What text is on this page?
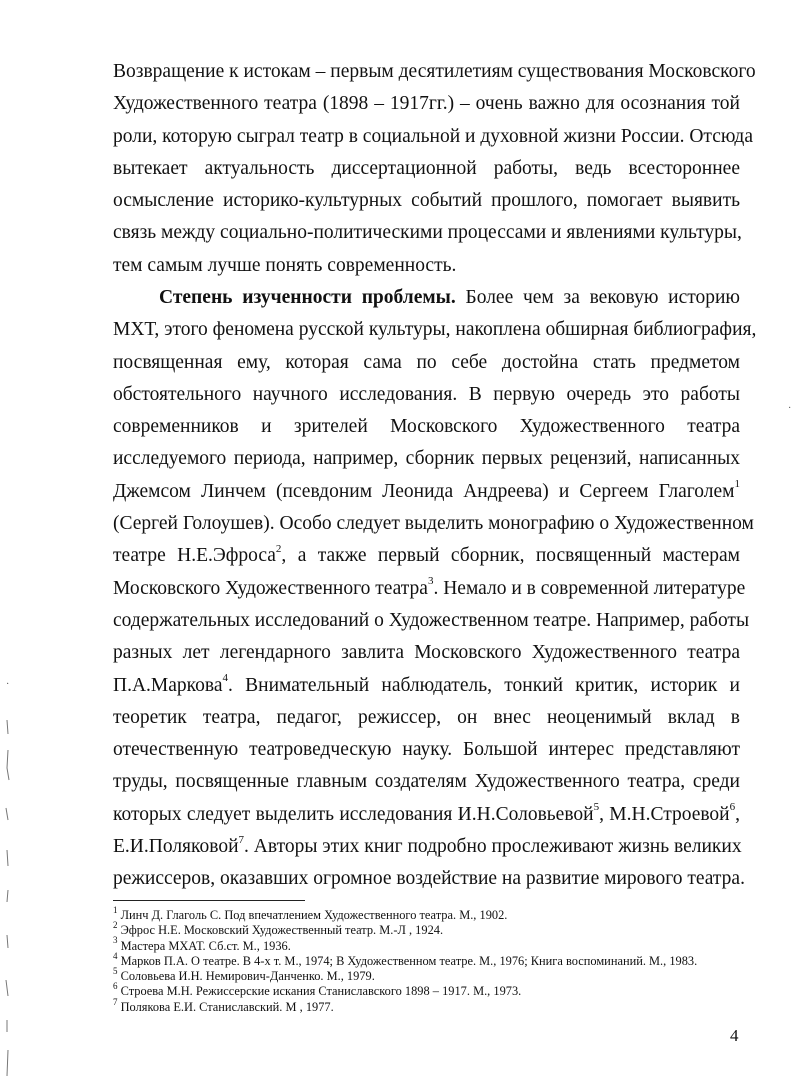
Возвращение к истокам – первым десятилетиям существования Московского
Художественного театра (1898 – 1917гг.) – очень важно для осознания той
роли, которую сыграл театр в социальной и духовной жизни России. Отсюда
вытекает актуальность диссертационной работы, ведь всестороннее
осмысление историко-культурных событий прошлого, помогает выявить
связь между социально-политическими процессами и явлениями культуры,
тем самым лучше понять современность.
Степень изученности проблемы. Более чем за вековую историю
МХТ, этого феномена русской культуры, накоплена обширная библиография,
посвященная ему, которая сама по себе достойна стать предметом
обстоятельного научного исследования. В первую очередь это работы
современников и зрителей Московского Художественного театра
исследуемого периода, например, сборник первых рецензий, написанных
Джемсом Линчем (псевдоним Леонида Андреева) и Сергеем Глаголем$^1$
(Сергей Голоушев). Особо следует выделить монографию о Художественном
театре Н.Е.Эфроса$^2$, а также первый сборник, посвященный мастерам
Московского Художественного театра$^3$. Немало и в современной литературе
содержательных исследований о Художественном театре. Например, работы
разных лет легендарного завлита Московского Художественного театра
П.А.Маркова$^4$. Внимательный наблюдатель, тонкий критик, историк и
теоретик театра, педагог, режиссер, он внес неоценимый вклад в
отечественную театроведческую науку. Большой интерес представляют
труды, посвященные главным создателям Художественного театра, среди
которых следует выделить исследования И.Н.Соловьевой$^5$, М.Н.Строевой$^6$,
Е.И.Поляковой$^7$. Авторы этих книг подробно прослеживают жизнь великих
режиссеров, оказавших огромное воздействие на развитие мирового театра.
$^1$ Линч Д. Глаголь С. Под впечатлением Художественного театра. М., 1902.
$^2$ Эфрос Н.Е. Московский Художественный театр. М.-Л , 1924.
$^3$ Мастера МХАТ. Сб.ст. М., 1936.
$^4$ Марков П.А. О театре. В 4-х т. М., 1974; В Художественном театре. М., 1976; Книга воспоминаний. М., 1983.
$^5$ Соловьева И.Н. Немирович-Данченко. М., 1979.
$^6$ Строева М.Н. Режиссерские искания Станиславского 1898 – 1917. М., 1973.
$^7$ Полякова Е.И. Станиславский. М , 1977.
4
·
·
